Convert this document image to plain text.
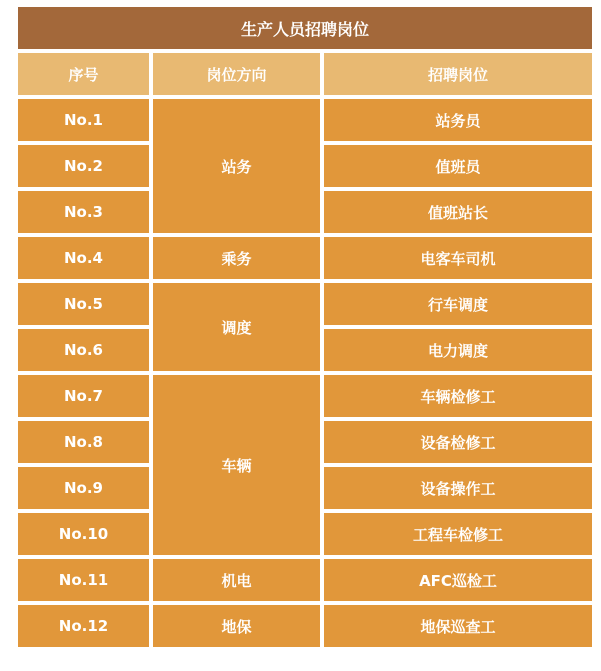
生产人员招聘岗位		
序号	岗位方向	招聘岗位
No.1	站务	站务员
No.2		值班员
No.3		值班站长
No.4	乘务	电客车司机
No.5	调度	行车调度
No.6		电力调度
No.7	车辆	车辆检修工
No.8		设备检修工
No.9		设备操作工
No.10		工程车检修工
No.11	机电	AFC巡检工
No.12	地保	地保巡查工
